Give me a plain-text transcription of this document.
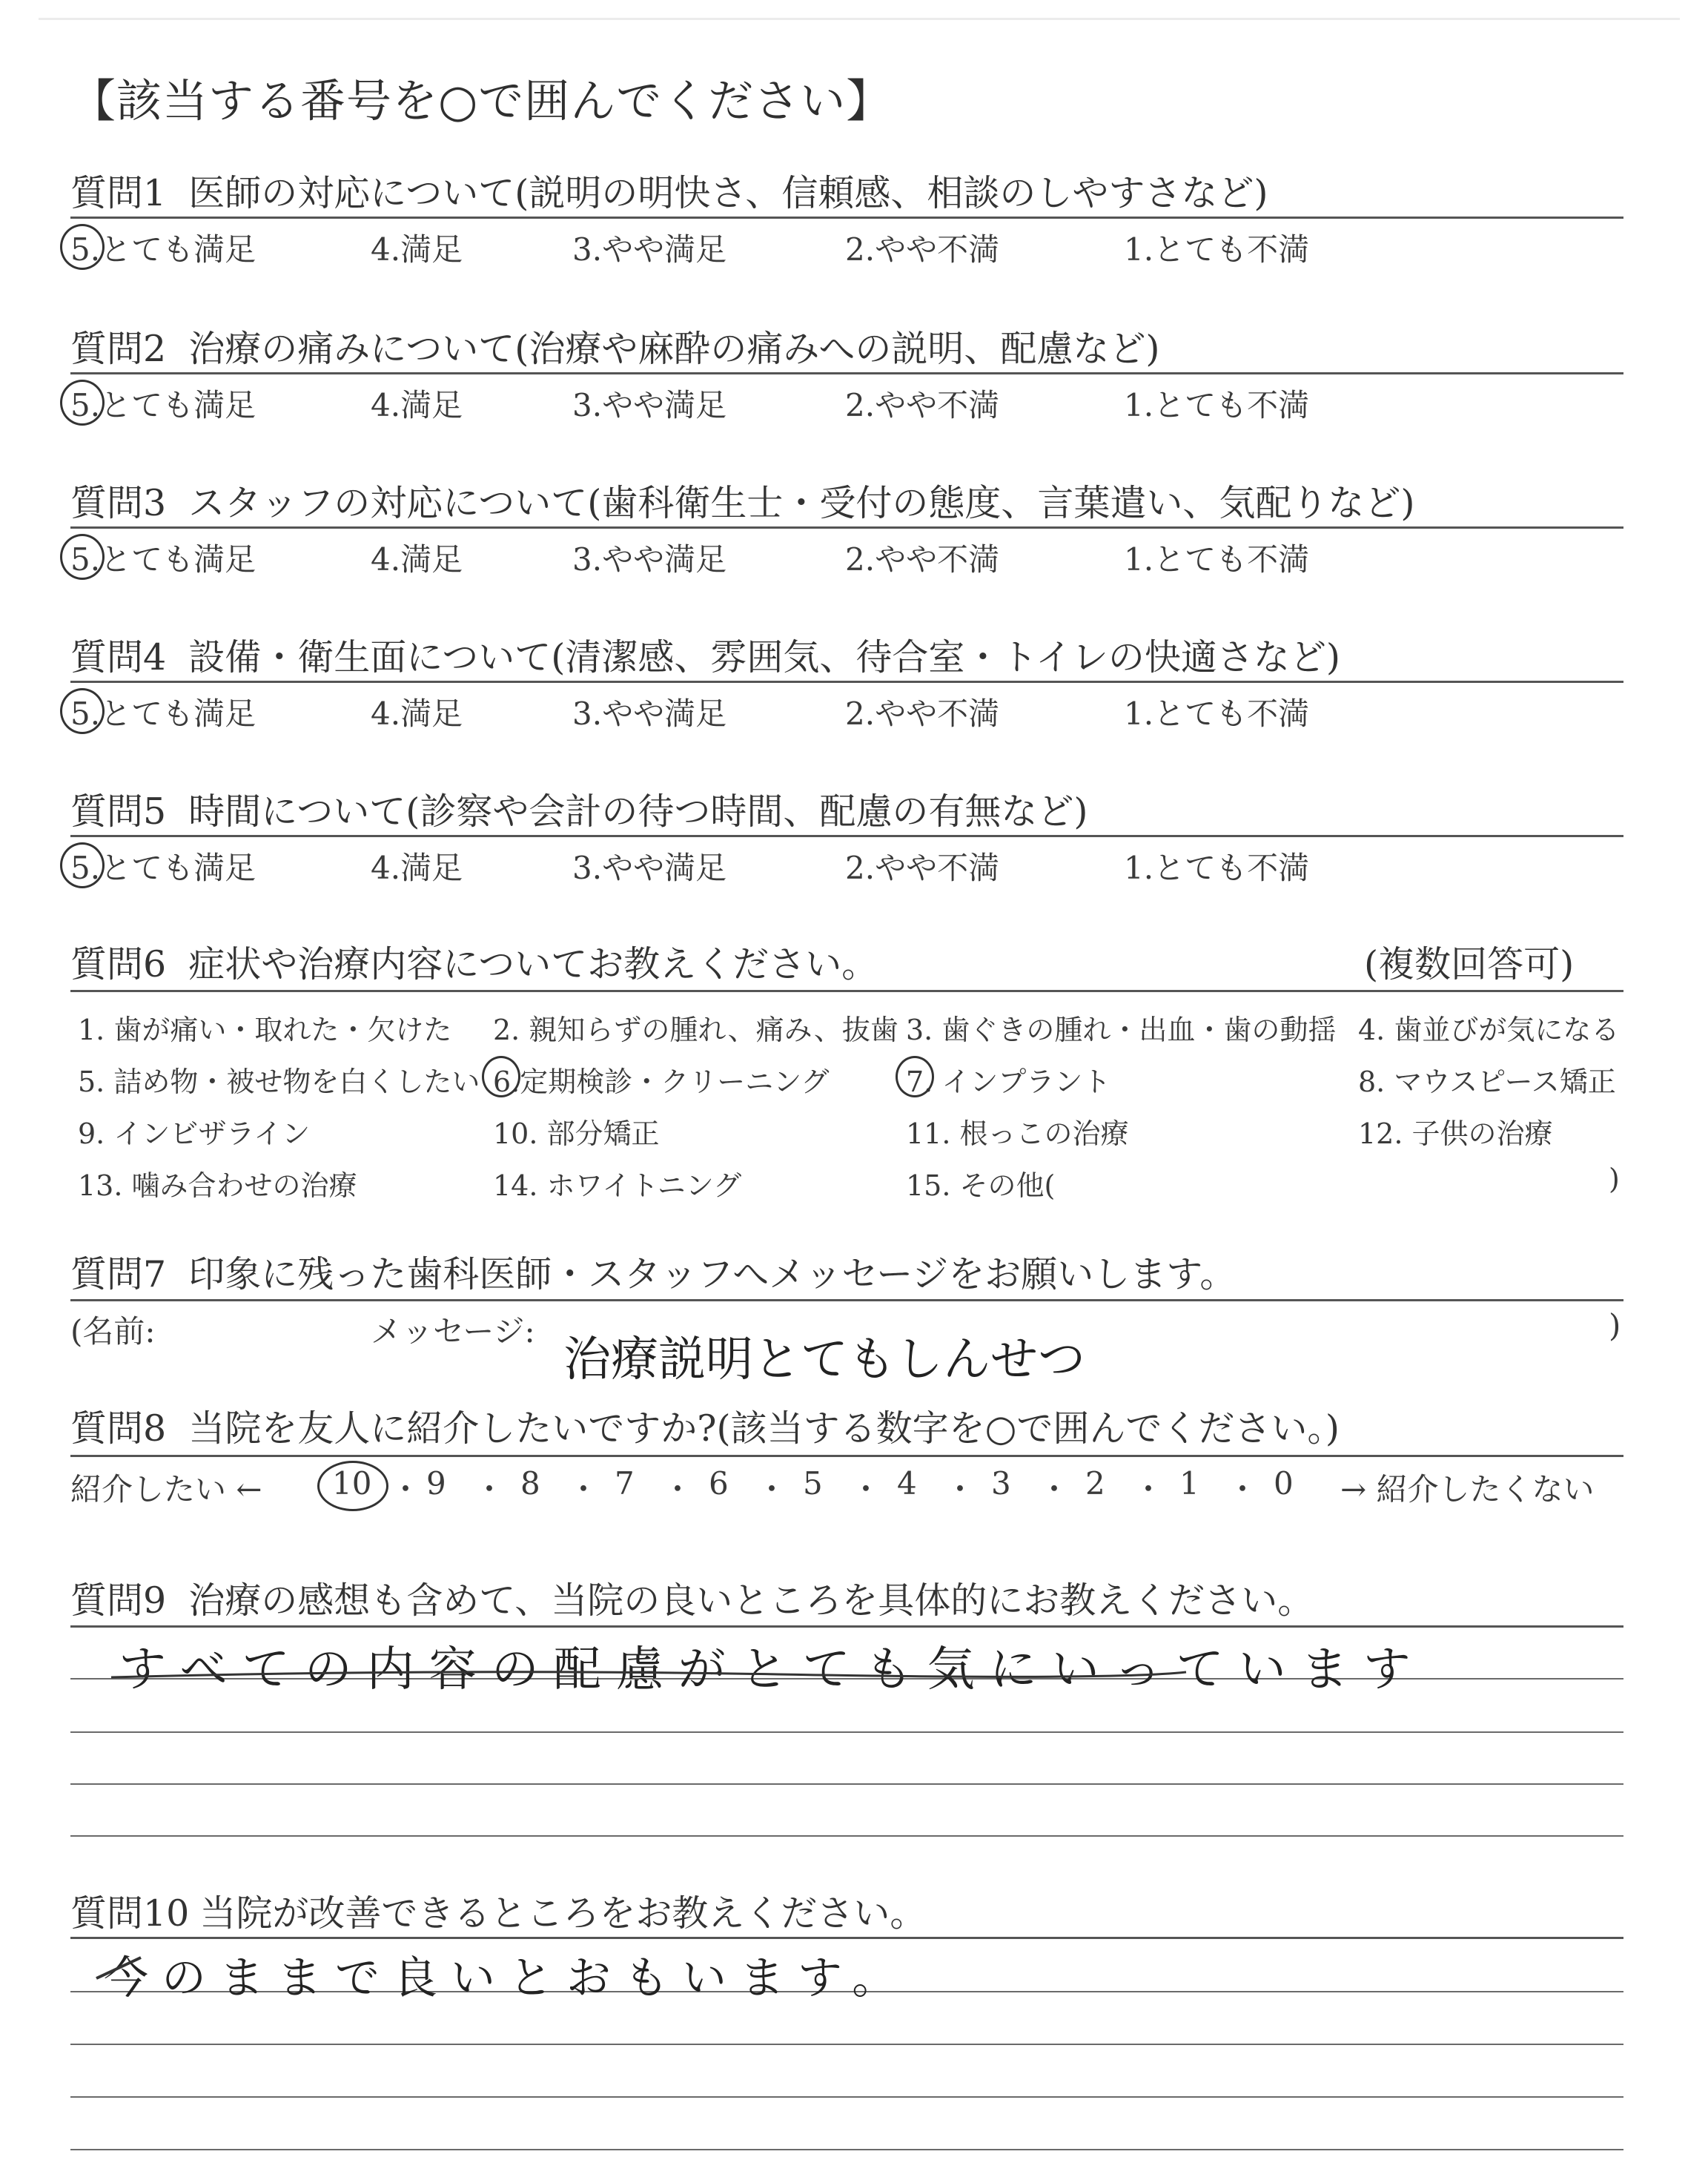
【該当する番号を○で囲んでください】
質問1 医師の対応について(説明の明快さ、信頼感、相談のしやすさなど)
5.とても満足	4.満足	3.やや満足	2.やや不満	1.とても不満
質問2 治療の痛みについて(治療や麻酔の痛みへの説明、配慮など)
5.とても満足	4.満足	3.やや満足	2.やや不満	1.とても不満
質問3 スタッフの対応について(歯科衛生士・受付の態度、言葉遣い、気配りなど)
5.とても満足	4.満足	3.やや満足	2.やや不満	1.とても不満
質問4 設備・衛生面について(清潔感、雰囲気、待合室・トイレの快適さなど)
5.とても満足	4.満足	3.やや満足	2.やや不満	1.とても不満
質問5 時間について(診察や会計の待つ時間、配慮の有無など)
5.とても満足	4.満足	3.やや満足	2.やや不満	1.とても不満
質問6 症状や治療内容についてお教えください。	(複数回答可)
1. 歯が痛い・取れた・欠けた 2. 親知らずの腫れ、痛み、抜歯 3. 歯ぐきの腫れ・出血・歯の動揺 4. 歯並びが気になる
5. 詰め物・被せ物を白くしたい 6.定期検診・クリーニング	7. インプラント	8. マウスピース矯正
9. インビザライン	10. 部分矯正	11. 根っこの治療	12. 子供の治療
13. 噛み合わせの治療	14. ホワイトニング	15. その他(	)
質問7 印象に残った歯科医師・スタッフへメッセージをお願いします。
(名前:	メッセージ:
治療説明とてもしんせつ
)
質問8 当院を友人に紹介したいですか?(該当する数字を○で囲んでください。)
紹介したい ← 10 ・ 9 ・ 8 ・ 7 ・ 6 ・ 5 ・ 4 ・ 3 ・ 2 ・ 1 ・ 0 → 紹介したくない
質問9 治療の感想も含めて、当院の良いところを具体的にお教えください。
すべての内容の配慮がとても気にいっています
質問10 当院が改善できるところをお教えください。
今のままで良いとおもいます。
